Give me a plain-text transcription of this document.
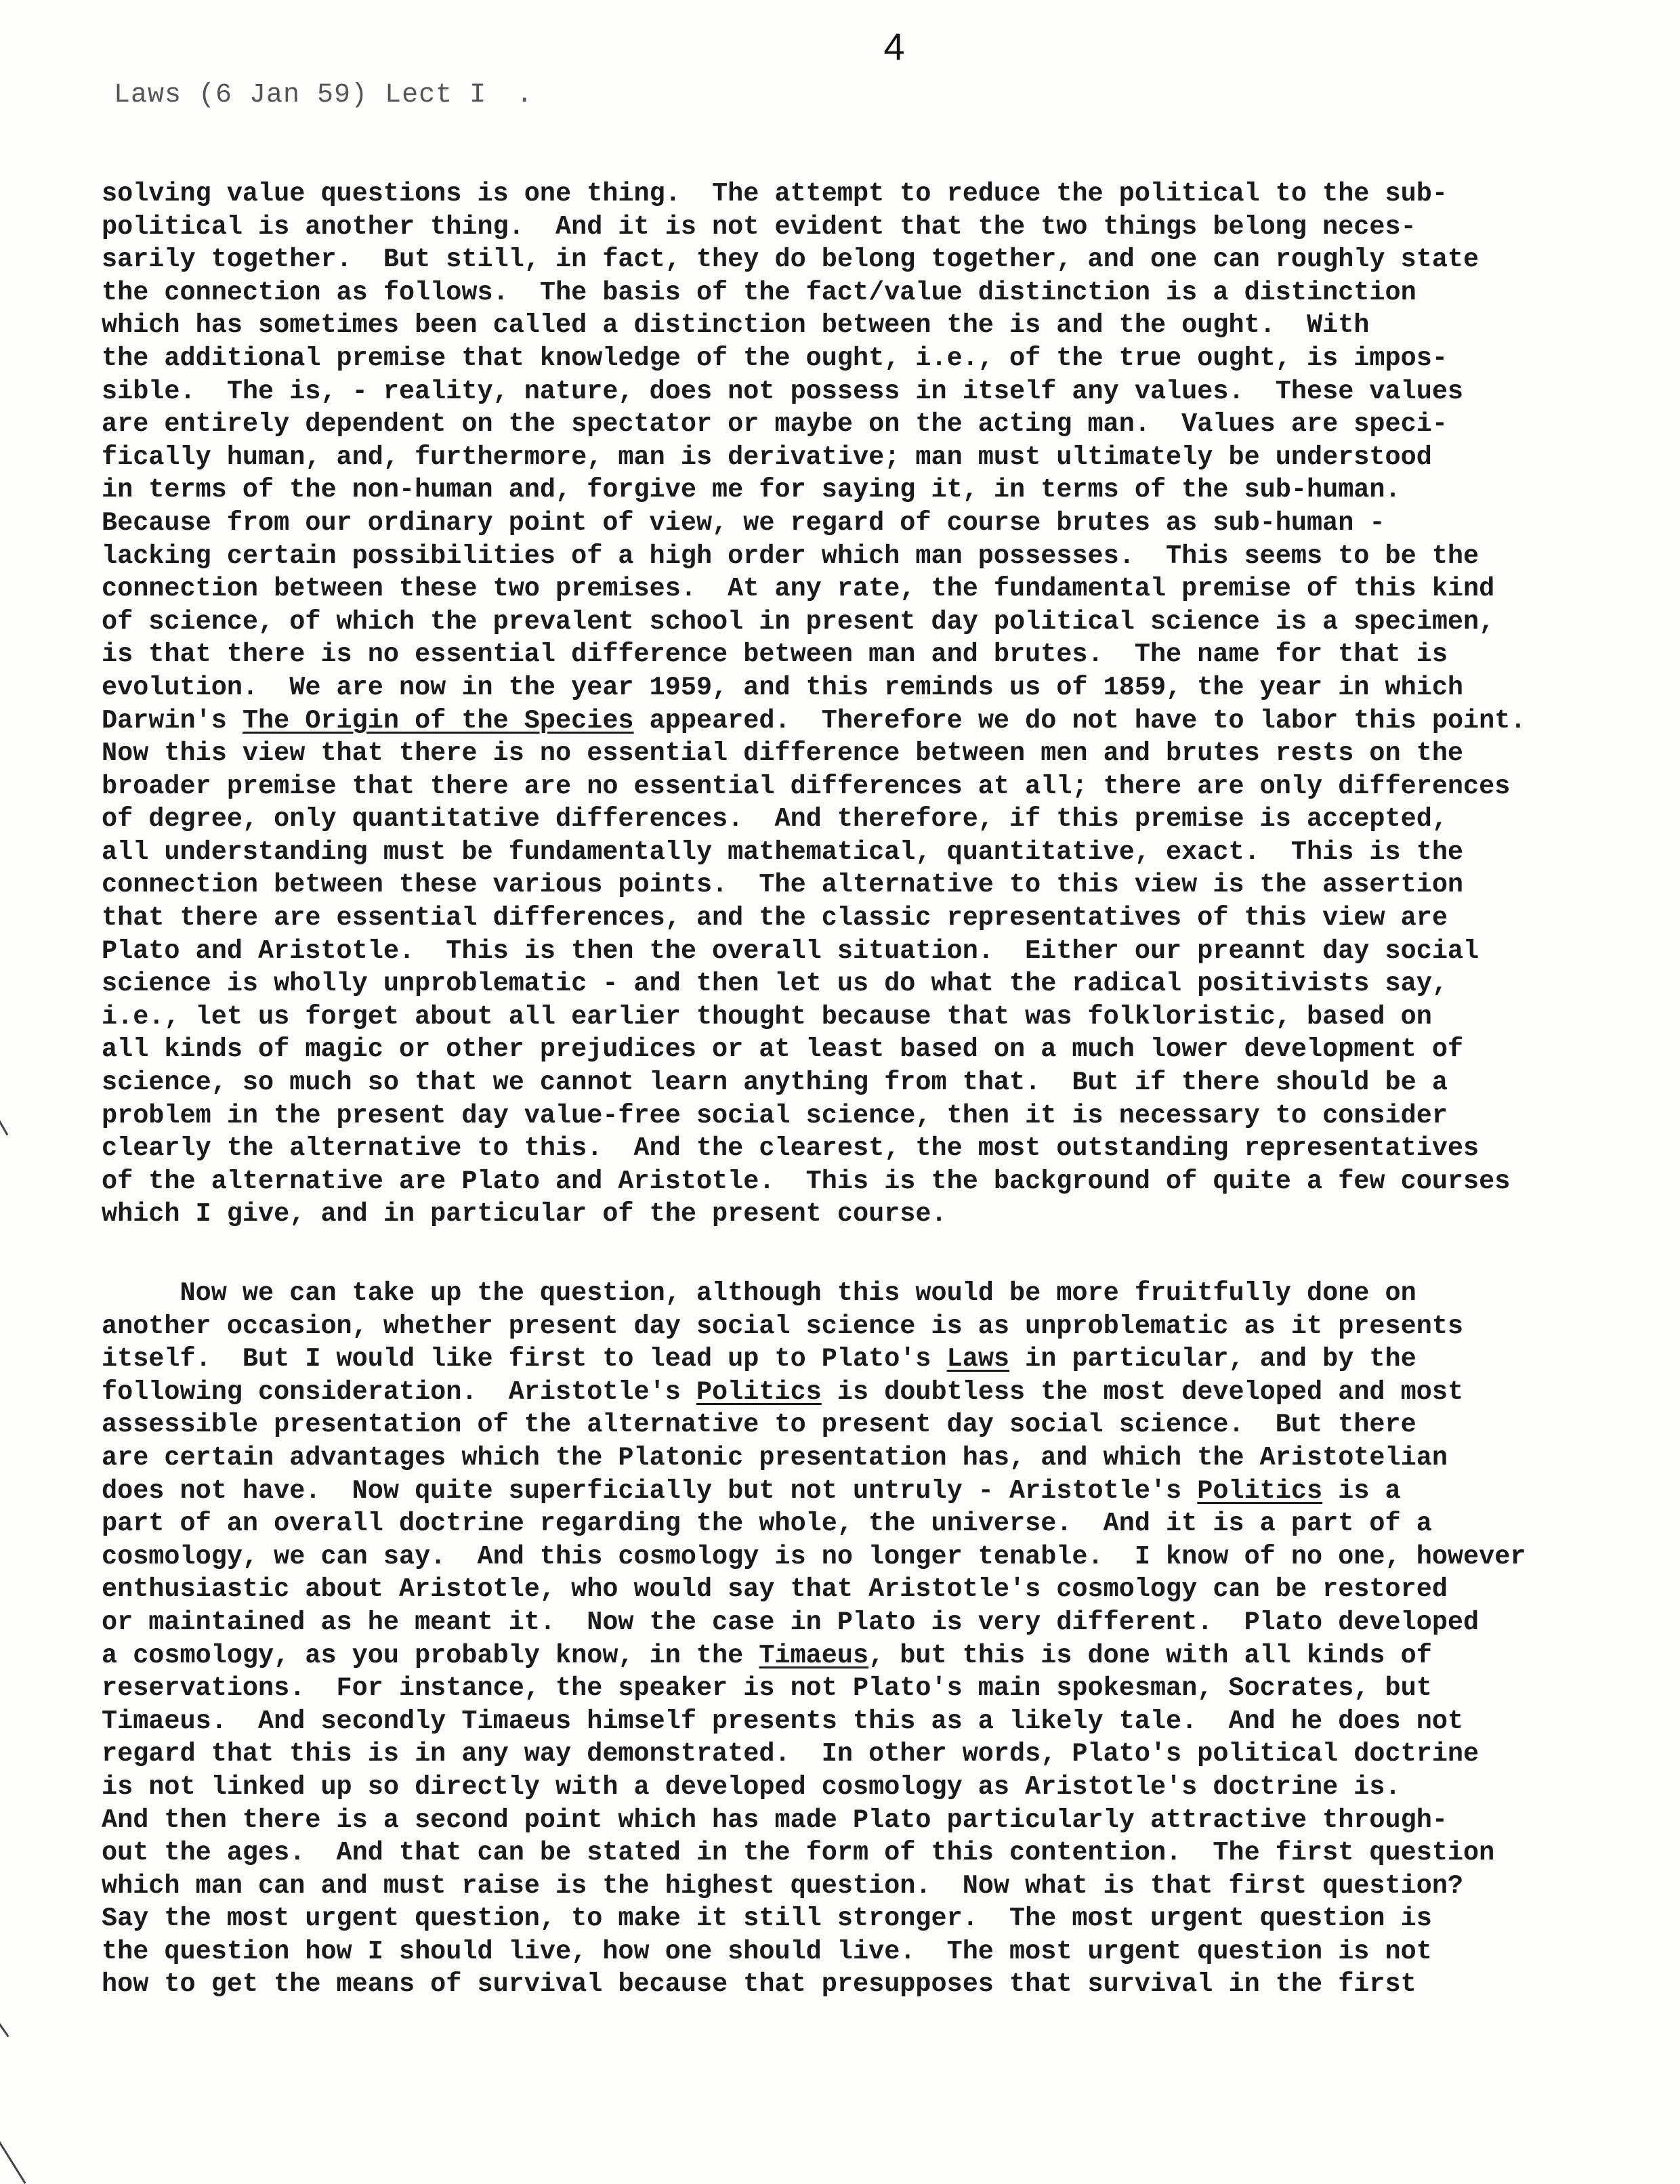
4
Laws (6 Jan 59) Lect I .
solving value questions is one thing.  The attempt to reduce the political to the sub-
political is another thing.  And it is not evident that the two things belong neces-
sarily together.  But still, in fact, they do belong together, and one can roughly state
the connection as follows.  The basis of the fact/value distinction is a distinction
which has sometimes been called a distinction between the is and the ought.  With
the additional premise that knowledge of the ought, i.e., of the true ought, is impos-
sible.  The is, - reality, nature, does not possess in itself any values.  These values
are entirely dependent on the spectator or maybe on the acting man.  Values are speci-
fically human, and, furthermore, man is derivative; man must ultimately be understood
in terms of the non-human and, forgive me for saying it, in terms of the sub-human.
Because from our ordinary point of view, we regard of course brutes as sub-human -
lacking certain possibilities of a high order which man possesses.  This seems to be the
connection between these two premises.  At any rate, the fundamental premise of this kind
of science, of which the prevalent school in present day political science is a specimen,
is that there is no essential difference between man and brutes.  The name for that is
evolution.  We are now in the year 1959, and this reminds us of 1859, the year in which
Darwin's The Origin of the Species appeared.  Therefore we do not have to labor this point.
Now this view that there is no essential difference between men and brutes rests on the
broader premise that there are no essential differences at all; there are only differences
of degree, only quantitative differences.  And therefore, if this premise is accepted,
all understanding must be fundamentally mathematical, quantitative, exact.  This is the
connection between these various points.  The alternative to this view is the assertion
that there are essential differences, and the classic representatives of this view are
Plato and Aristotle.  This is then the overall situation.  Either our preannt day social
science is wholly unproblematic - and then let us do what the radical positivists say,
i.e., let us forget about all earlier thought because that was folkloristic, based on
all kinds of magic or other prejudices or at least based on a much lower development of
science, so much so that we cannot learn anything from that.  But if there should be a
problem in the present day value-free social science, then it is necessary to consider
clearly the alternative to this.  And the clearest, the most outstanding representatives
of the alternative are Plato and Aristotle.  This is the background of quite a few courses
which I give, and in particular of the present course.
Now we can take up the question, although this would be more fruitfully done on
another occasion, whether present day social science is as unproblematic as it presents
itself.  But I would like first to lead up to Plato's Laws in particular, and by the
following consideration.  Aristotle's Politics is doubtless the most developed and most
assessible presentation of the alternative to present day social science.  But there
are certain advantages which the Platonic presentation has, and which the Aristotelian
does not have.  Now quite superficially but not untruly - Aristotle's Politics is a
part of an overall doctrine regarding the whole, the universe.  And it is a part of a
cosmology, we can say.  And this cosmology is no longer tenable.  I know of no one, however
enthusiastic about Aristotle, who would say that Aristotle's cosmology can be restored
or maintained as he meant it.  Now the case in Plato is very different.  Plato developed
a cosmology, as you probably know, in the Timaeus, but this is done with all kinds of
reservations.  For instance, the speaker is not Plato's main spokesman, Socrates, but
Timaeus.  And secondly Timaeus himself presents this as a likely tale.  And he does not
regard that this is in any way demonstrated.  In other words, Plato's political doctrine
is not linked up so directly with a developed cosmology as Aristotle's doctrine is.
And then there is a second point which has made Plato particularly attractive through-
out the ages.  And that can be stated in the form of this contention.  The first question
which man can and must raise is the highest question.  Now what is that first question?
Say the most urgent question, to make it still stronger.  The most urgent question is
the question how I should live, how one should live.  The most urgent question is not
how to get the means of survival because that presupposes that survival in the first
